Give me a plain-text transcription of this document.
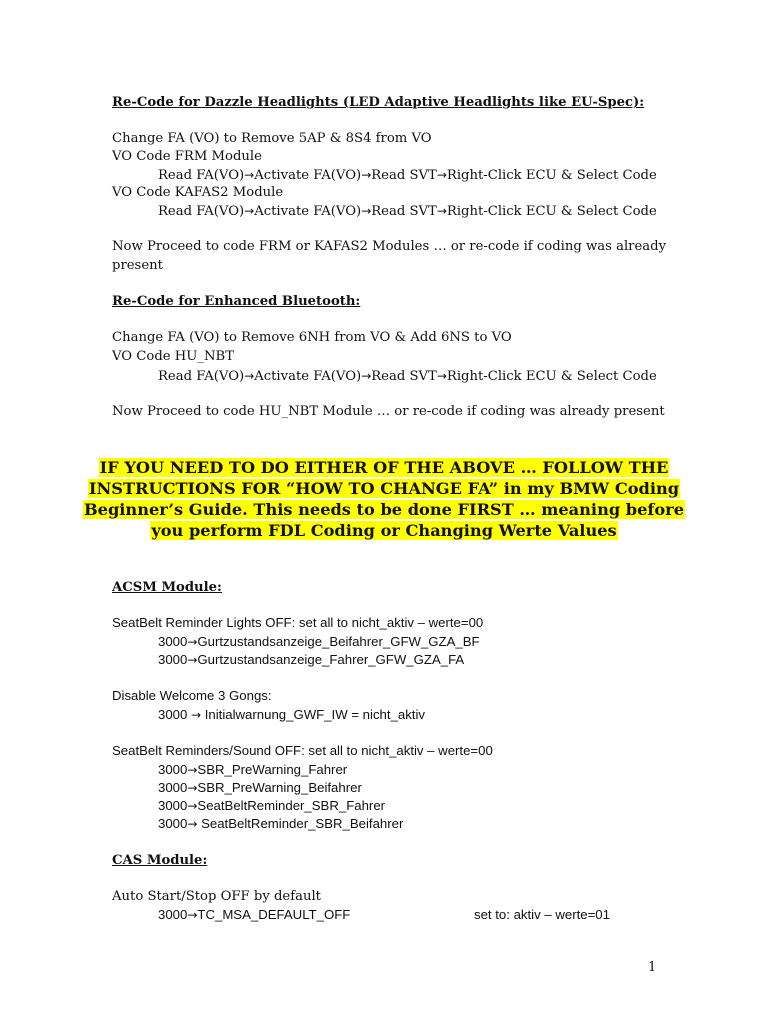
Re-Code for Dazzle Headlights (LED Adaptive Headlights like EU-Spec):
Change FA (VO) to Remove 5AP & 8S4 from VO
VO Code FRM Module
Read FA(VO)→Activate FA(VO)→Read SVT→Right-Click ECU & Select Code
VO Code KAFAS2 Module
Read FA(VO)→Activate FA(VO)→Read SVT→Right-Click ECU & Select Code
Now Proceed to code FRM or KAFAS2 Modules … or re-code if coding was already
present
Re-Code for Enhanced Bluetooth:
Change FA (VO) to Remove 6NH from VO & Add 6NS to VO
VO Code HU_NBT
Read FA(VO)→Activate FA(VO)→Read SVT→Right-Click ECU & Select Code
Now Proceed to code HU_NBT Module … or re-code if coding was already present
IF YOU NEED TO DO EITHER OF THE ABOVE … FOLLOW THE
INSTRUCTIONS FOR “HOW TO CHANGE FA” in my BMW Coding
Beginner’s Guide. This needs to be done FIRST … meaning before
you perform FDL Coding or Changing Werte Values
ACSM Module:
SeatBelt Reminder Lights OFF: set all to nicht_aktiv – werte=00
3000→Gurtzustandsanzeige_Beifahrer_GFW_GZA_BF
3000→Gurtzustandsanzeige_Fahrer_GFW_GZA_FA
Disable Welcome 3 Gongs:
3000 → Initialwarnung_GWF_IW = nicht_aktiv
SeatBelt Reminders/Sound OFF: set all to nicht_aktiv – werte=00
3000→SBR_PreWarning_Fahrer
3000→SBR_PreWarning_Beifahrer
3000→SeatBeltReminder_SBR_Fahrer
3000→ SeatBeltReminder_SBR_Beifahrer
CAS Module:
Auto Start/Stop OFF by default
3000→TC_MSA_DEFAULT_OFF	set to: aktiv – werte=01
1
